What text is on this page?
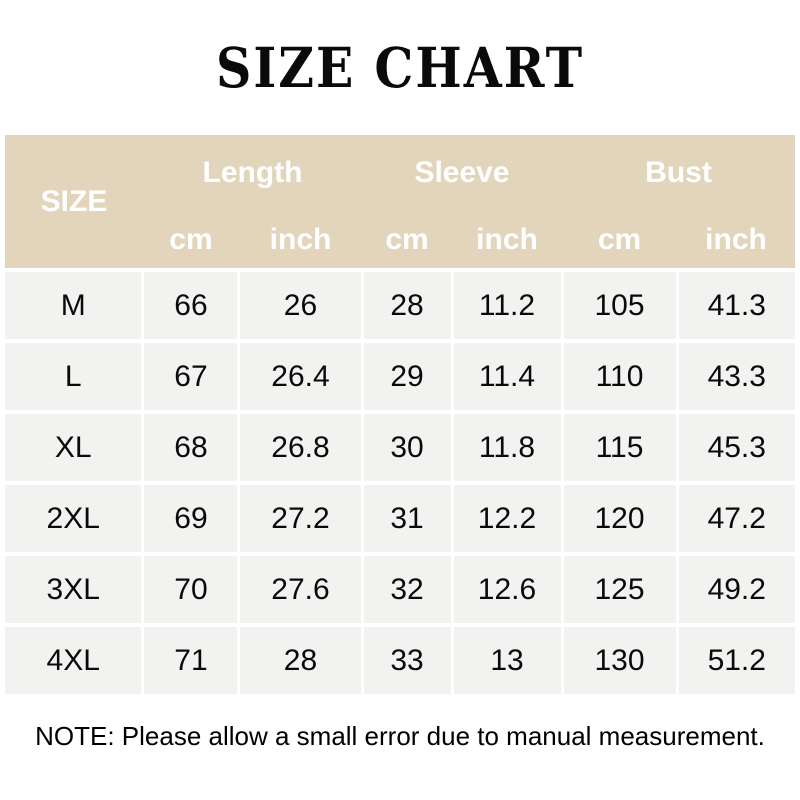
SIZE CHART
SIZE	Length		Sleeve		Bust	
	cm	inch	cm	inch	cm	inch
M	66	26	28	11.2	105	41.3
L	67	26.4	29	11.4	110	43.3
XL	68	26.8	30	11.8	115	45.3
2XL	69	27.2	31	12.2	120	47.2
3XL	70	27.6	32	12.6	125	49.2
4XL	71	28	33	13	130	51.2
NOTE: Please allow a small error due to manual measurement.
